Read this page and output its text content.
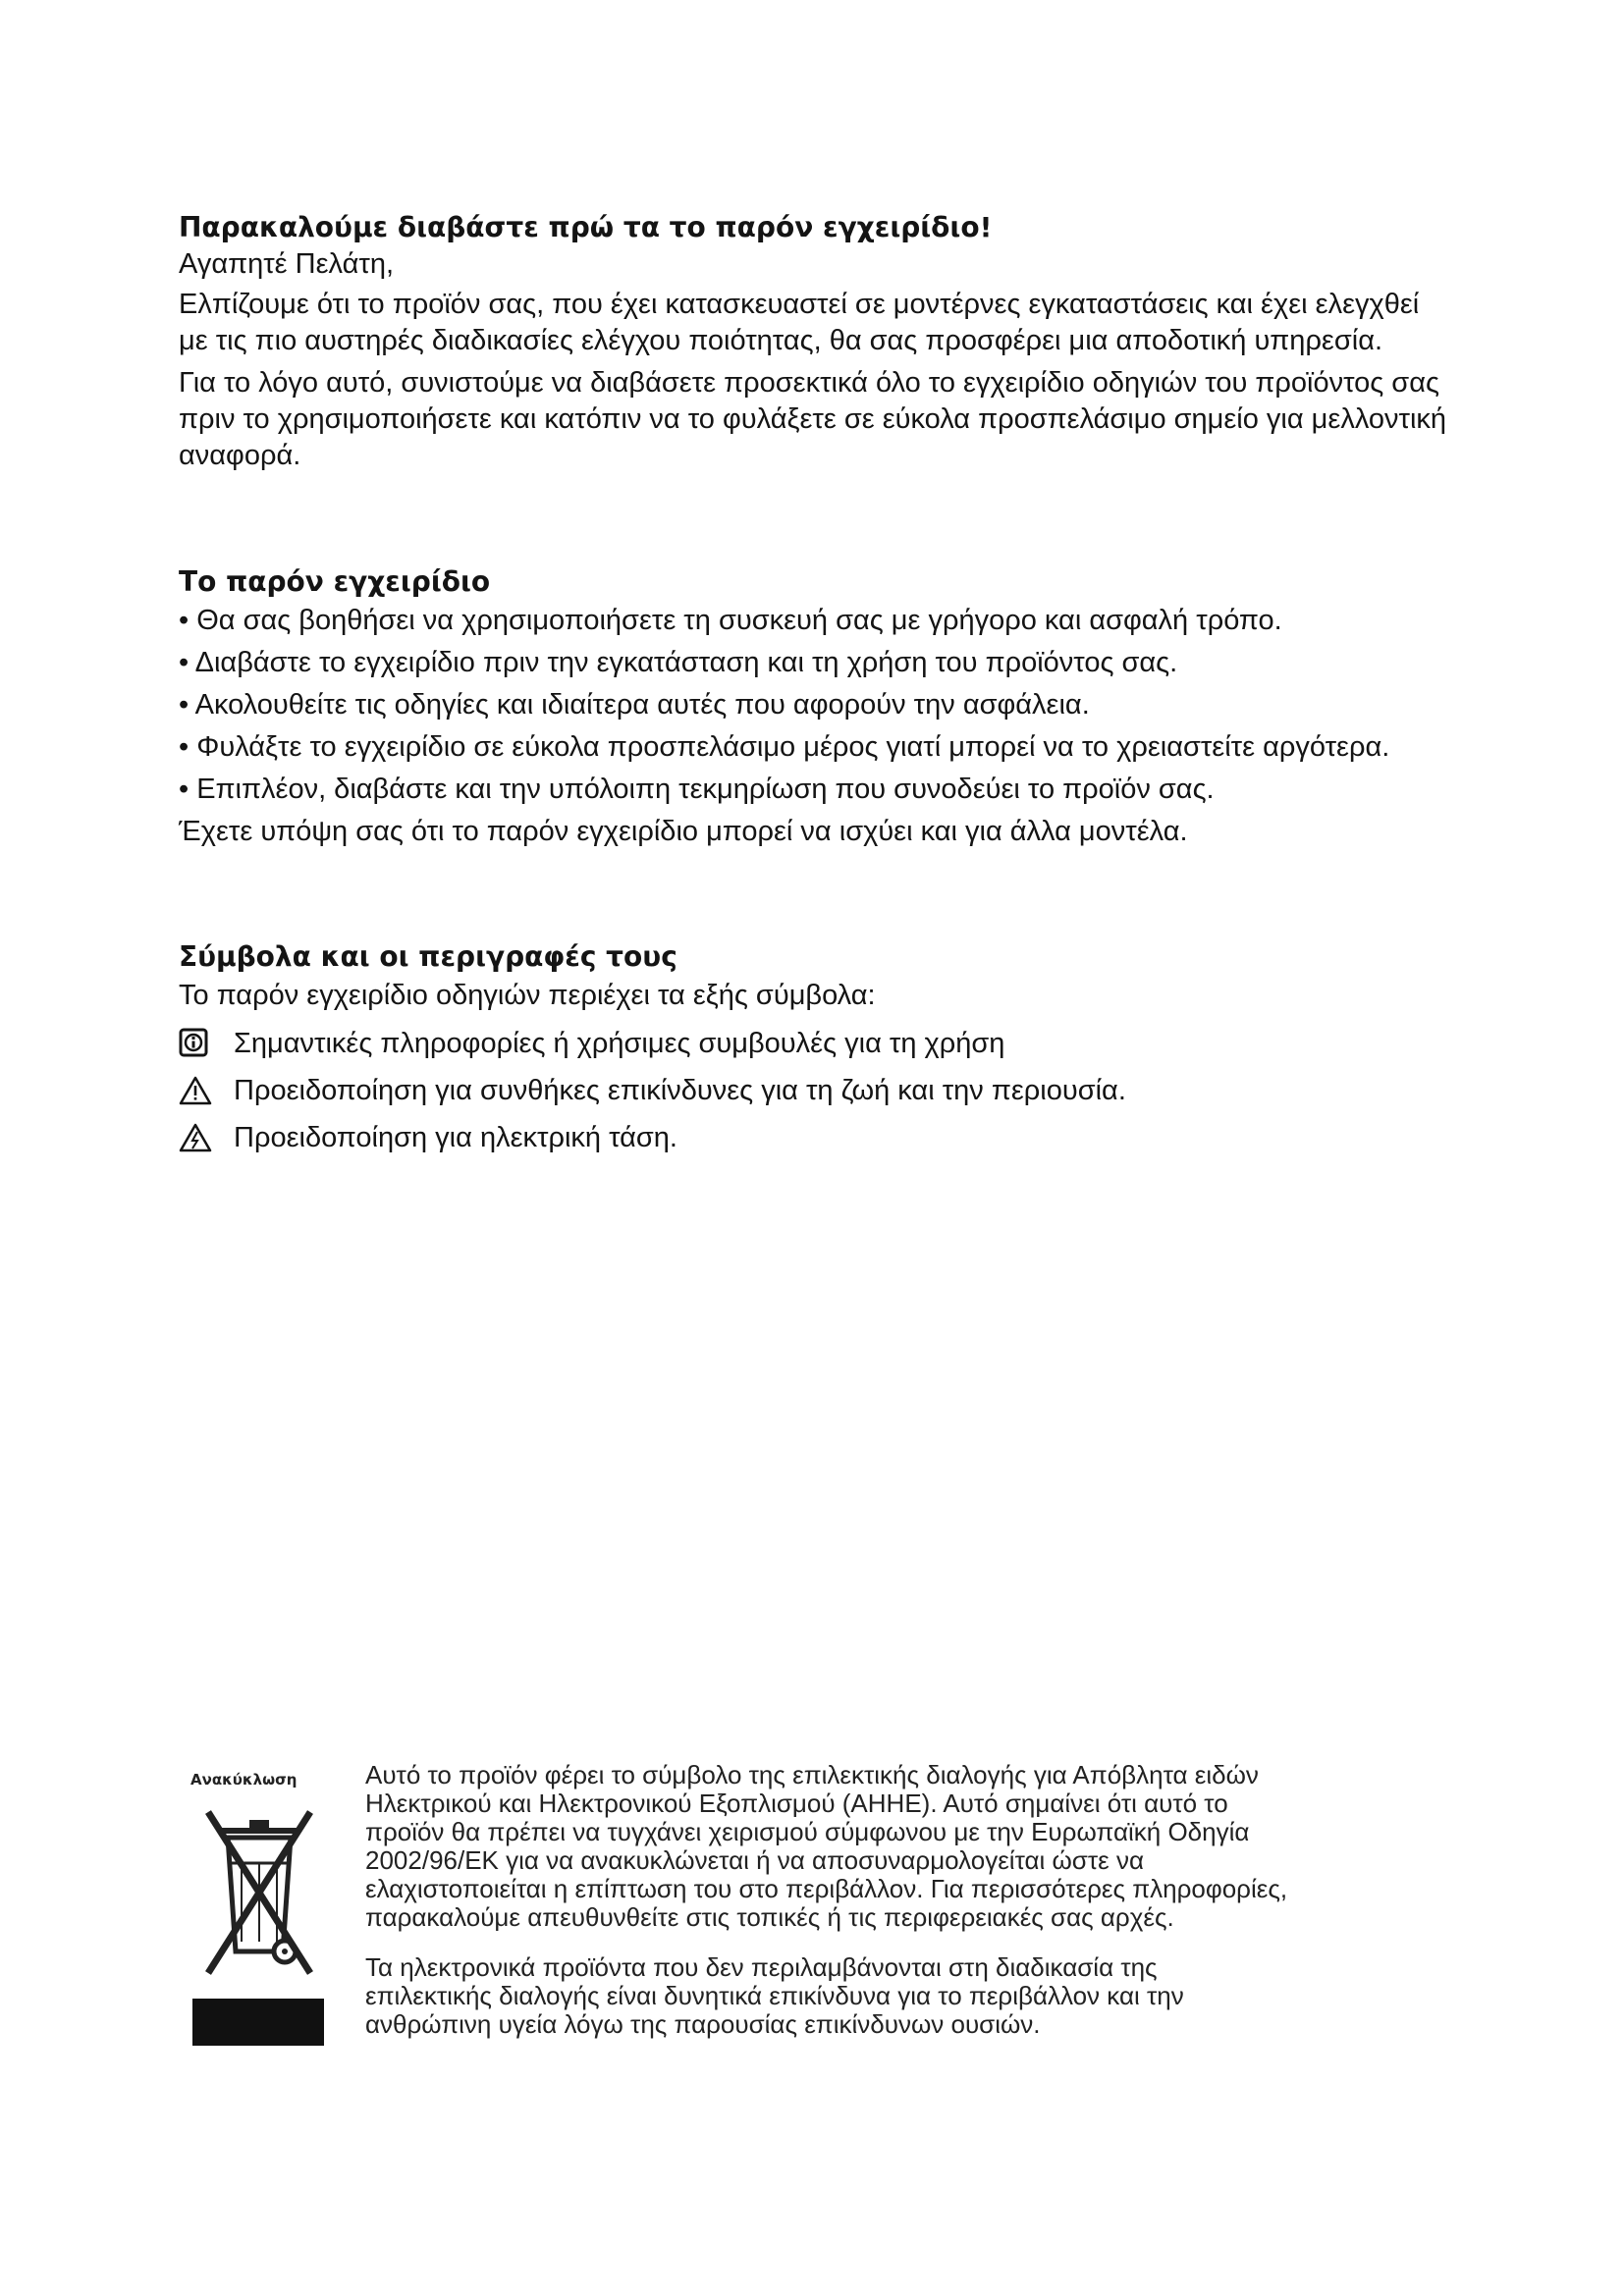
Παρακαλούμε διαβάστε πρώ τα το παρόν εγχειρίδιο!

Αγαπητέ Πελάτη,

Ελπίζουμε ότι το προϊόν σας, που έχει κατασκευαστεί σε μοντέρνες εγκαταστάσεις και έχει ελεγχθεί με τις πιο αυστηρές διαδικασίες ελέγχου ποιότητας, θα σας προσφέρει μια αποδοτική υπηρεσία.

Για το λόγο αυτό, συνιστούμε να διαβάσετε προσεκτικά όλο το εγχειρίδιο οδηγιών του προϊόντος σας πριν το χρησιμοποιήσετε και κατόπιν να το φυλάξετε σε εύκολα προσπελάσιμο σημείο για μελλοντική αναφορά.

Το παρόν εγχειρίδιο

• Θα σας βοηθήσει να χρησιμοποιήσετε τη συσκευή σας με γρήγορο και ασφαλή τρόπο.

• Διαβάστε το εγχειρίδιο πριν την εγκατάσταση και τη χρήση του προϊόντος σας.

• Ακολουθείτε τις οδηγίες και ιδιαίτερα αυτές που αφορούν την ασφάλεια.

• Φυλάξτε το εγχειρίδιο σε εύκολα προσπελάσιμο μέρος γιατί μπορεί να το χρειαστείτε αργότερα.

• Επιπλέον, διαβάστε και την υπόλοιπη τεκμηρίωση που συνοδεύει το προϊόν σας.

Έχετε υπόψη σας ότι το παρόν εγχειρίδιο μπορεί να ισχύει και για άλλα μοντέλα.

Σύμβολα και οι περιγραφές τους

Το παρόν εγχειρίδιο οδηγιών περιέχει τα εξής σύμβολα:

Σημαντικές πληροφορίες ή χρήσιμες συμβουλές για τη χρήση
Προειδοποίηση για συνθήκες επικίνδυνες για τη ζωή και την περιουσία.
Προειδοποίηση για ηλεκτρική τάση.
Ανακύκλωση	Αυτό το προϊόν φέρει το σύμβολο της επιλεκτικής διαλογής για Απόβλητα ειδών Ηλεκτρικού και Ηλεκτρονικού Εξοπλισμού (ΑΗΗΕ). Αυτό σημαίνει ότι αυτό το προϊόν θα πρέπει να τυγχάνει χειρισμού σύμφωνου με την Ευρωπαϊκή Οδηγία 2002/96/ΕΚ για να ανακυκλώνεται ή να αποσυναρμολογείται ώστε να ελαχιστοποιείται η επίπτωση του στο περιβάλλον. Για περισσότερες πληροφορίες, παρακαλούμε απευθυνθείτε στις τοπικές ή τις περιφερειακές σας αρχές.

Τα ηλεκτρονικά προϊόντα που δεν περιλαμβάνονται στη διαδικασία της επιλεκτικής διαλογής είναι δυνητικά επικίνδυνα για το περιβάλλον και την ανθρώπινη υγεία λόγω της παρουσίας επικίνδυνων ουσιών.
